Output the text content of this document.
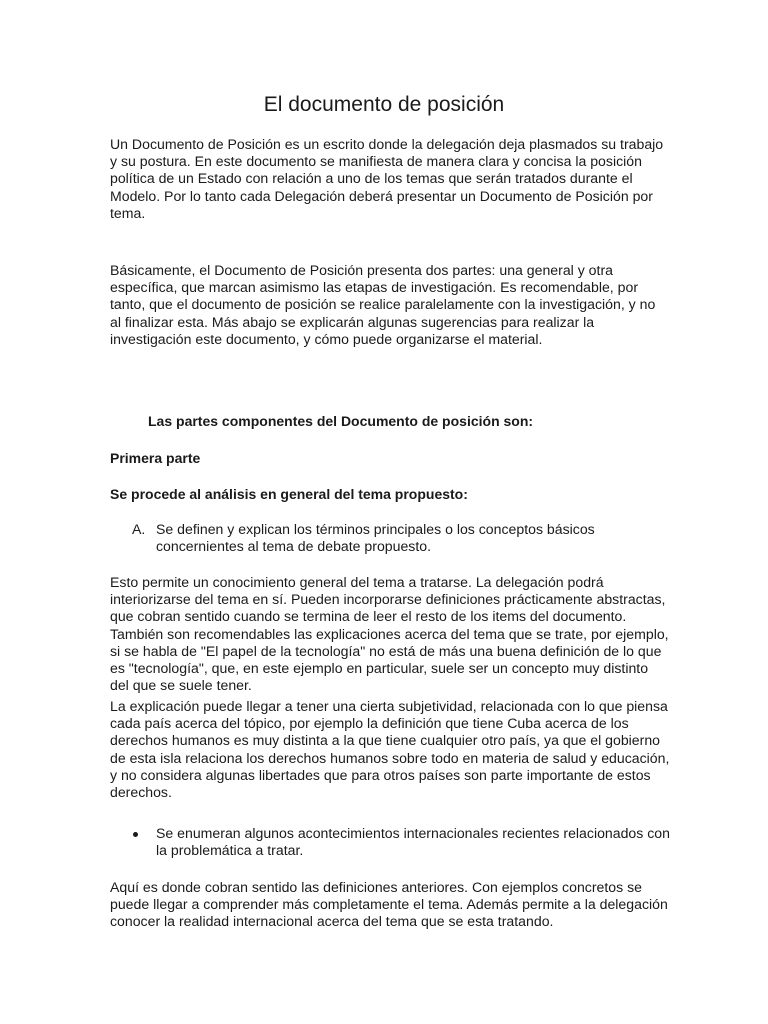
El documento de posición

Un Documento de Posición es un escrito donde la delegación deja plasmados su trabajo y su postura. En este documento se manifiesta de manera clara y concisa la posición política de un Estado con relación a uno de los temas que serán tratados durante el Modelo. Por lo tanto cada Delegación deberá presentar un Documento de Posición por tema.

Básicamente, el Documento de Posición presenta dos partes: una general y otra específica, que marcan asimismo las etapas de investigación. Es recomendable, por tanto, que el documento de posición se realice paralelamente con la investigación, y no al finalizar esta. Más abajo se explicarán algunas sugerencias para realizar la investigación este documento, y cómo puede organizarse el material.

Las partes componentes del Documento de posición son:

Primera parte

Se procede al análisis en general del tema propuesto:

A. Se definen y explican los términos principales o los conceptos básicos concernientes al tema de debate propuesto.

Esto permite un conocimiento general del tema a tratarse. La delegación podrá interiorizarse del tema en sí. Pueden incorporarse definiciones prácticamente abstractas, que cobran sentido cuando se termina de leer el resto de los items del documento. También son recomendables las explicaciones acerca del tema que se trate, por ejemplo, si se habla de "El papel de la tecnología" no está de más una buena definición de lo que es "tecnología", que, en este ejemplo en particular, suele ser un concepto muy distinto del que se suele tener.

La explicación puede llegar a tener una cierta subjetividad, relacionada con lo que piensa cada país acerca del tópico, por ejemplo la definición que tiene Cuba acerca de los derechos humanos es muy distinta a la que tiene cualquier otro país, ya que el gobierno de esta isla relaciona los derechos humanos sobre todo en materia de salud y educación, y no considera algunas libertades que para otros países son parte importante de estos derechos.

Se enumeran algunos acontecimientos internacionales recientes relacionados con la problemática a tratar.

Aquí es donde cobran sentido las definiciones anteriores. Con ejemplos concretos se puede llegar a comprender más completamente el tema. Además permite a la delegación conocer la realidad internacional acerca del tema que se esta tratando.
